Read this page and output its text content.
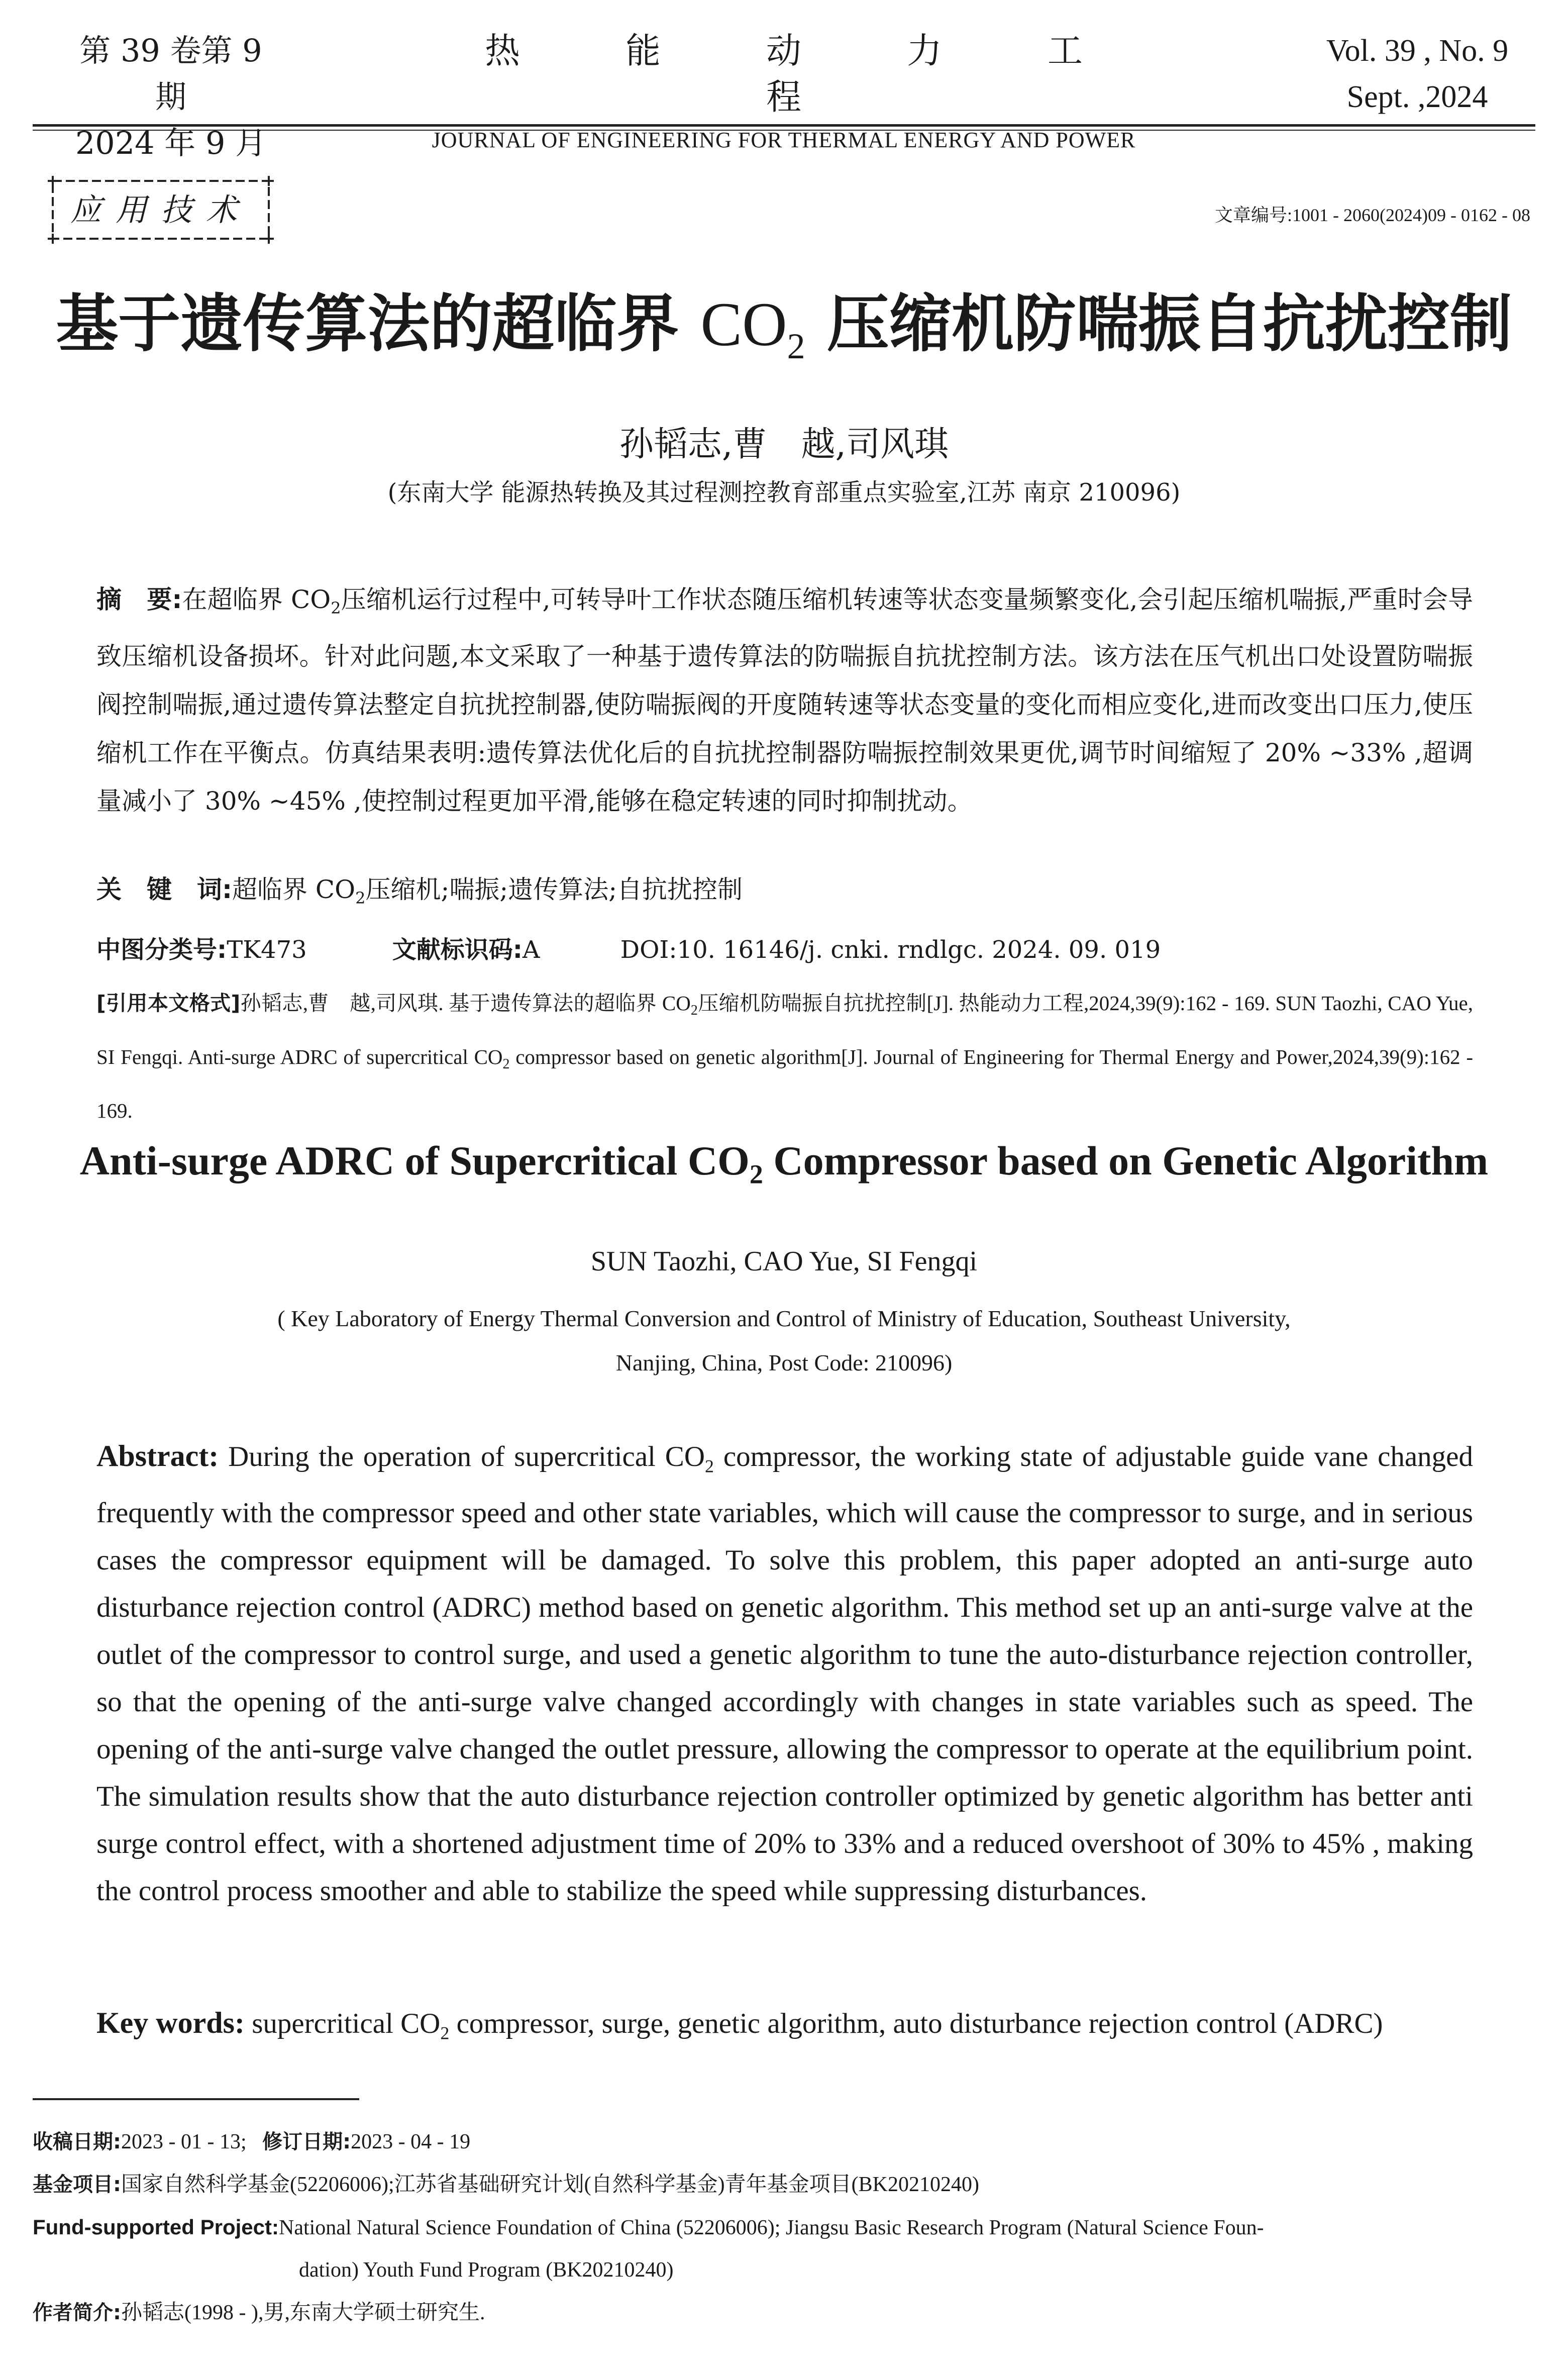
第 39 卷第 9 期
2024 年 9 月
热能动力工程
JOURNAL OF ENGINEERING FOR THERMAL ENERGY AND POWER
Vol. 39 , No. 9
Sept. ,2024
应用技术	文章编号:1001 - 2060(2024)09 - 0162 - 08
基于遗传算法的超临界 $CO_2$ 压缩机防喘振自抗扰控制
孙韬志,曹　越,司风琪
(东南大学 能源热转换及其过程测控教育部重点实验室,江苏 南京 210096)
摘　要:在超临界 $CO_2$压缩机运行过程中,可转导叶工作状态随压缩机转速等状态变量频繁变化,会引起压缩机喘振,严重时会导致压缩机设备损坏。针对此问题,本文采取了一种基于遗传算法的防喘振自抗扰控制方法。该方法在压气机出口处设置防喘振阀控制喘振,通过遗传算法整定自抗扰控制器,使防喘振阀的开度随转速等状态变量的变化而相应变化,进而改变出口压力,使压缩机工作在平衡点。仿真结果表明:遗传算法优化后的自抗扰控制器防喘振控制效果更优,调节时间缩短了 20% ~33% ,超调量减小了 30% ~45% ,使控制过程更加平滑,能够在稳定转速的同时抑制扰动。
关　键　词:超临界 $CO_2$压缩机;喘振;遗传算法;自抗扰控制
中图分类号:TK473	文献标识码:A	DOI:10. 16146/j. cnki. rndlgc. 2024. 09. 019
[引用本文格式]孙韬志,曹　越,司风琪. 基于遗传算法的超临界 $CO_2$压缩机防喘振自抗扰控制[J]. 热能动力工程,2024,39(9):162 - 169. SUN Taozhi, CAO Yue, SI Fengqi. Anti-surge ADRC of supercritical $CO_2$ compressor based on genetic algorithm[J]. Journal of Engineering for Thermal Energy and Power,2024,39(9):162 - 169.
Anti-surge ADRC of Supercritical $CO_2$ Compressor based on Genetic Algorithm
SUN Taozhi, CAO Yue, SI Fengqi
( Key Laboratory of Energy Thermal Conversion and Control of Ministry of Education, Southeast University,
Nanjing, China, Post Code: 210096)
Abstract: During the operation of supercritical $CO_2$ compressor, the working state of adjustable guide vane changed frequently with the compressor speed and other state variables, which will cause the compressor to surge, and in serious cases the compressor equipment will be damaged. To solve this problem, this paper adopted an anti-surge auto disturbance rejection control (ADRC) method based on genetic algorithm. This method set up an anti-surge valve at the outlet of the compressor to control surge, and used a genetic algorithm to tune the auto-disturbance rejection controller, so that the opening of the anti-surge valve changed accordingly with changes in state variables such as speed. The opening of the anti-surge valve changed the outlet pressure, allowing the compressor to operate at the equilibrium point. The simulation results show that the auto disturbance rejection controller optimized by genetic algorithm has better anti surge control effect, with a shortened adjustment time of 20% to 33% and a reduced overshoot of 30% to 45% , making the control process smoother and able to stabilize the speed while suppressing disturbances.
Key words: supercritical $CO_2$ compressor, surge, genetic algorithm, auto disturbance rejection control (ADRC)
收稿日期:2023 - 01 - 13; 修订日期:2023 - 04 - 19
基金项目:国家自然科学基金(52206006);江苏省基础研究计划(自然科学基金)青年基金项目(BK20210240)
Fund-supported Project:National Natural Science Foundation of China (52206006); Jiangsu Basic Research Program (Natural Science Foun-
dation) Youth Fund Program (BK20210240)
作者简介:孙韬志(1998 - ),男,东南大学硕士研究生.
